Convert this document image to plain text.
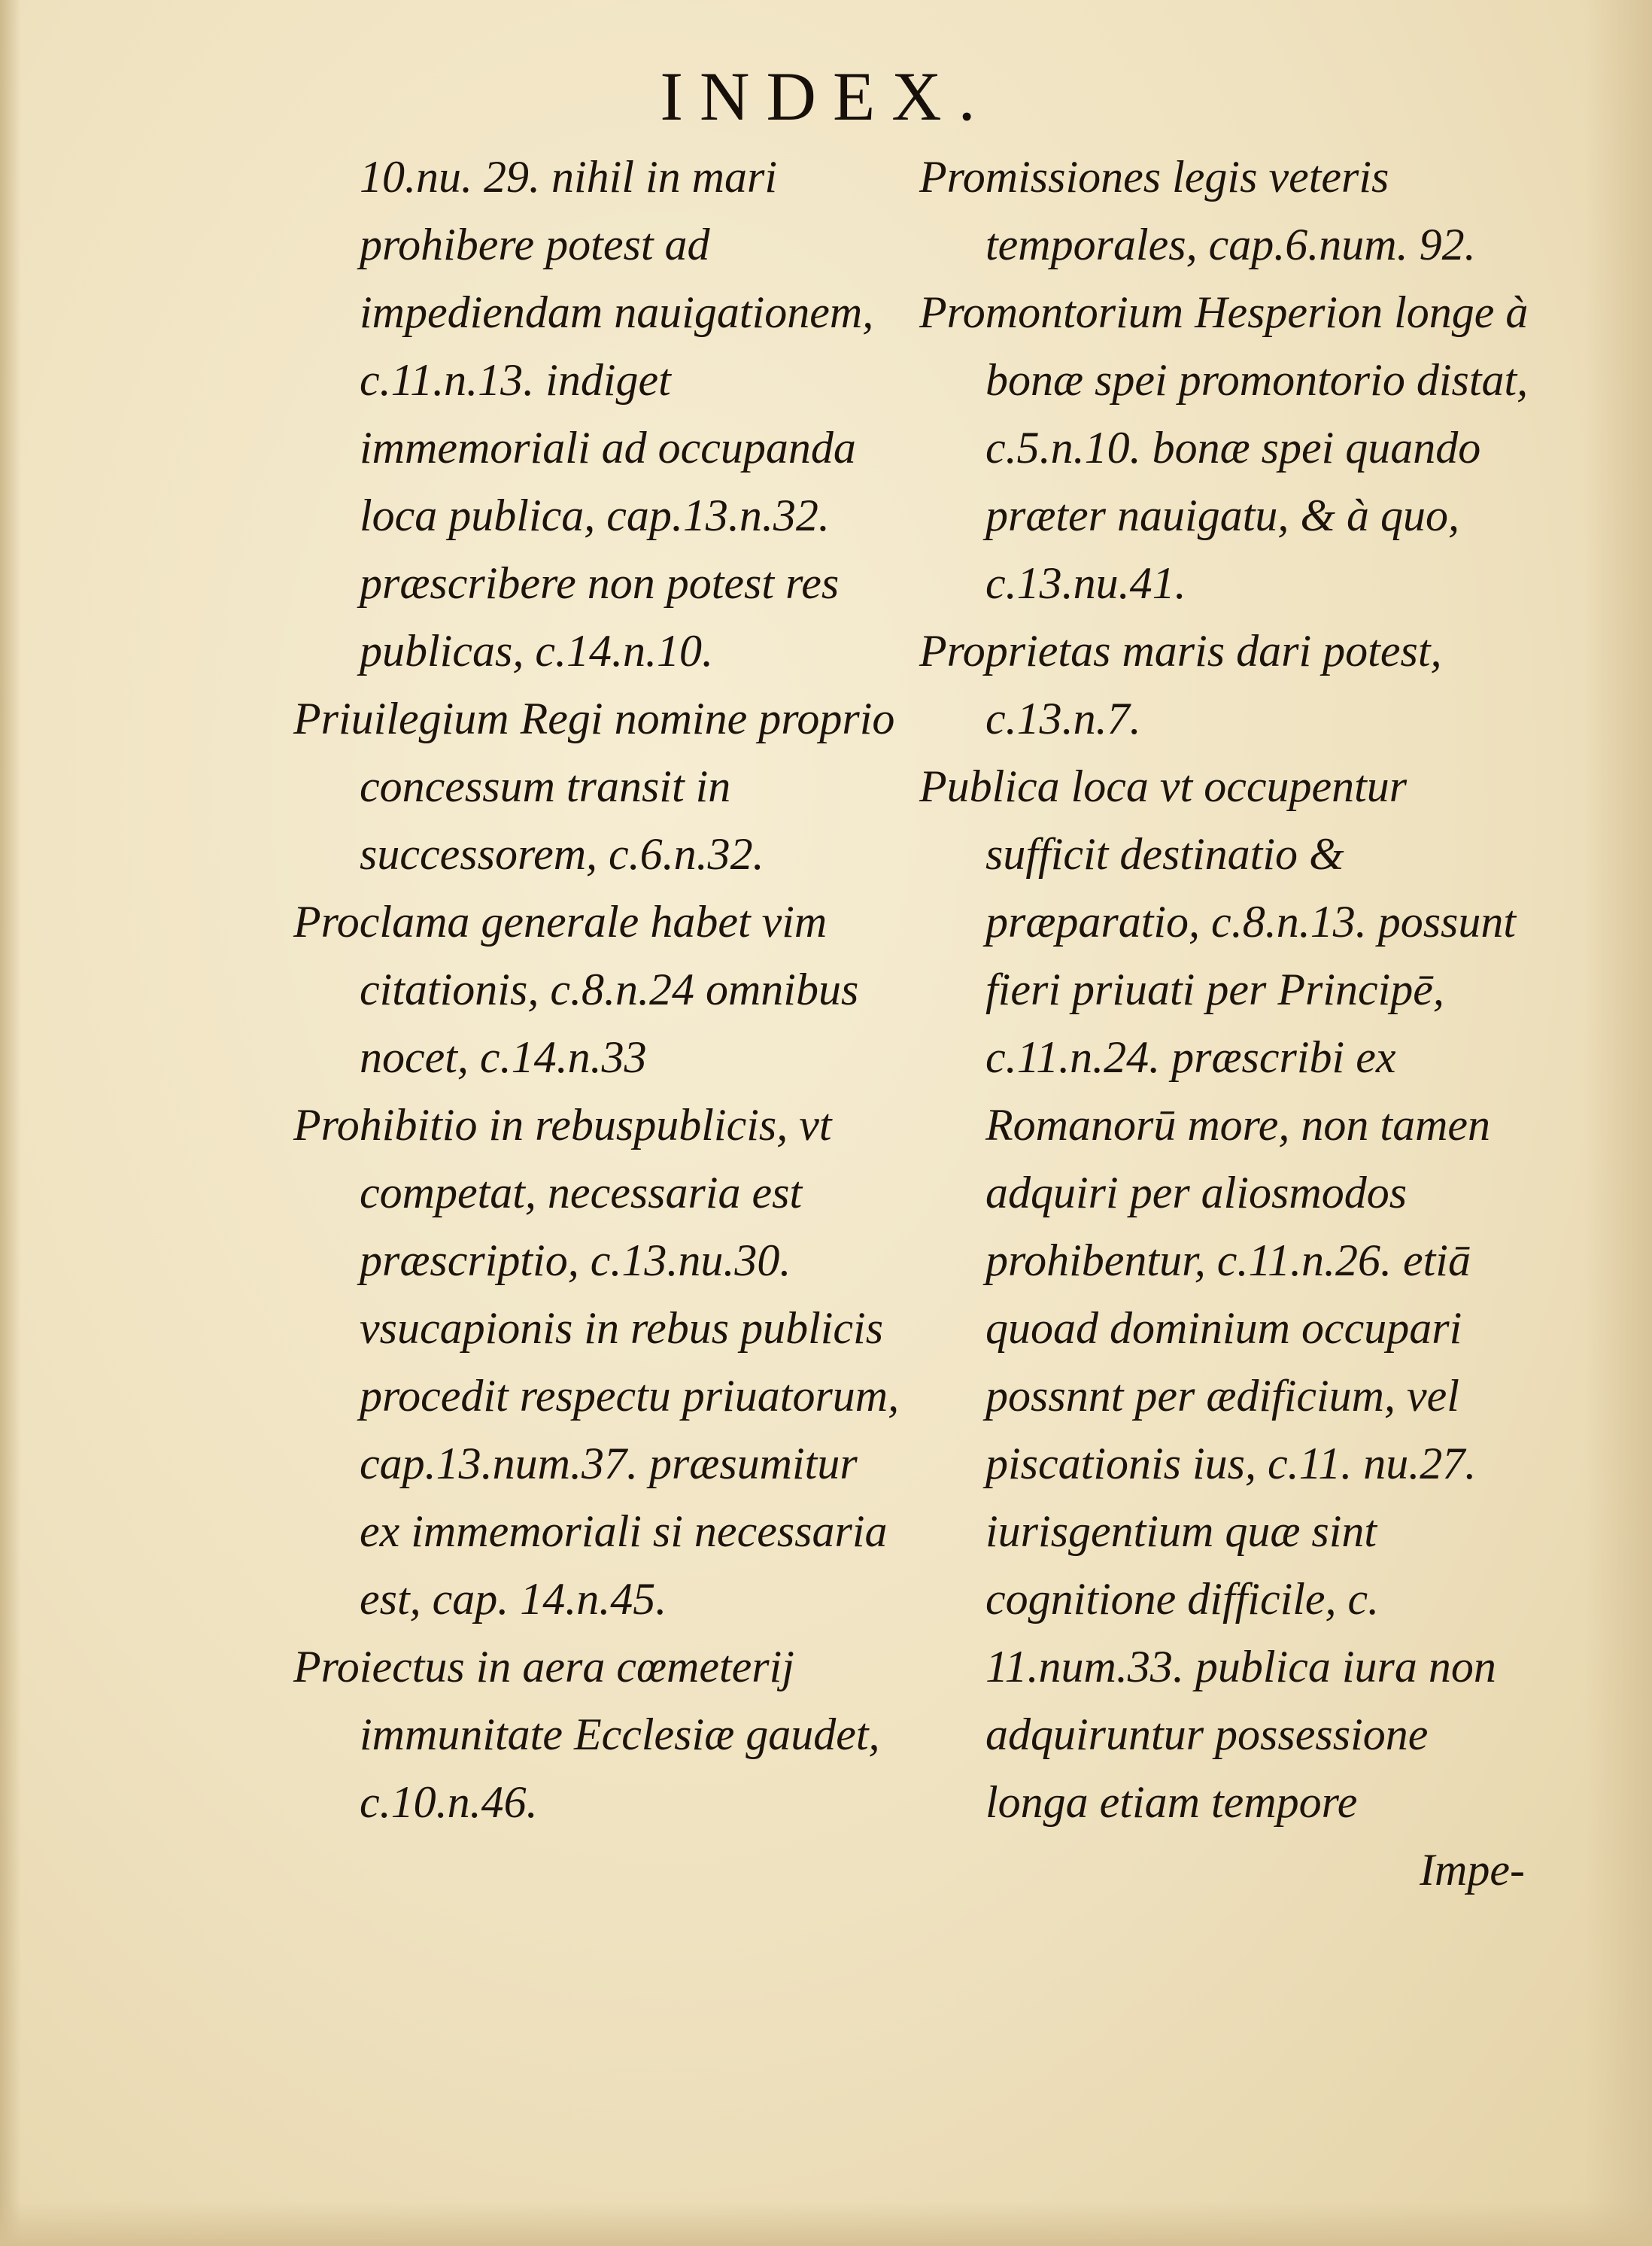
INDEX.

10.nu. 29. nihil in mari prohibere potest ad impediendam nauigationem, c.11.n.13. indiget immemoriali ad occupanda loca publica, cap.13.n.32. præscribere non potest res publicas, c.14.n.10.

Priuilegium Regi nomine proprio concessum transit in successorem, c.6.n.32.

Proclama generale habet vim citationis, c.8.n.24 omnibus nocet, c.14.n.33

Prohibitio in rebuspublicis, vt competat, necessaria est præscriptio, c.13.nu.30. vsucapionis in rebus publicis procedit respectu priuatorum, cap.13.num.37. præsumitur ex immemoriali si necessaria est, cap. 14.n.45.

Proiectus in aera cœmeterij immunitate Ecclesiæ gaudet, c.10.n.46.

Promissiones legis veteris temporales, cap.6.num. 92.

Promontorium Hesperion longe à bonæ spei promontorio distat, c.5.n.10. bonæ spei quando præter nauigatu, & à quo, c.13.nu.41.

Proprietas maris dari potest, c.13.n.7.

Publica loca vt occupentur sufficit destinatio & præparatio, c.8.n.13. possunt fieri priuati per Principē, c.11.n.24. præscribi ex Romanorū more, non tamen adquiri per aliosmodos prohibentur, c.11.n.26. etiā quoad dominium occupari possnnt per ædificium, vel piscationis ius, c.11. nu.27. iurisgentium quæ sint cognitione difficile, c. 11.num.33. publica iura non adquiruntur possessione longa etiam tempore

Impe-
